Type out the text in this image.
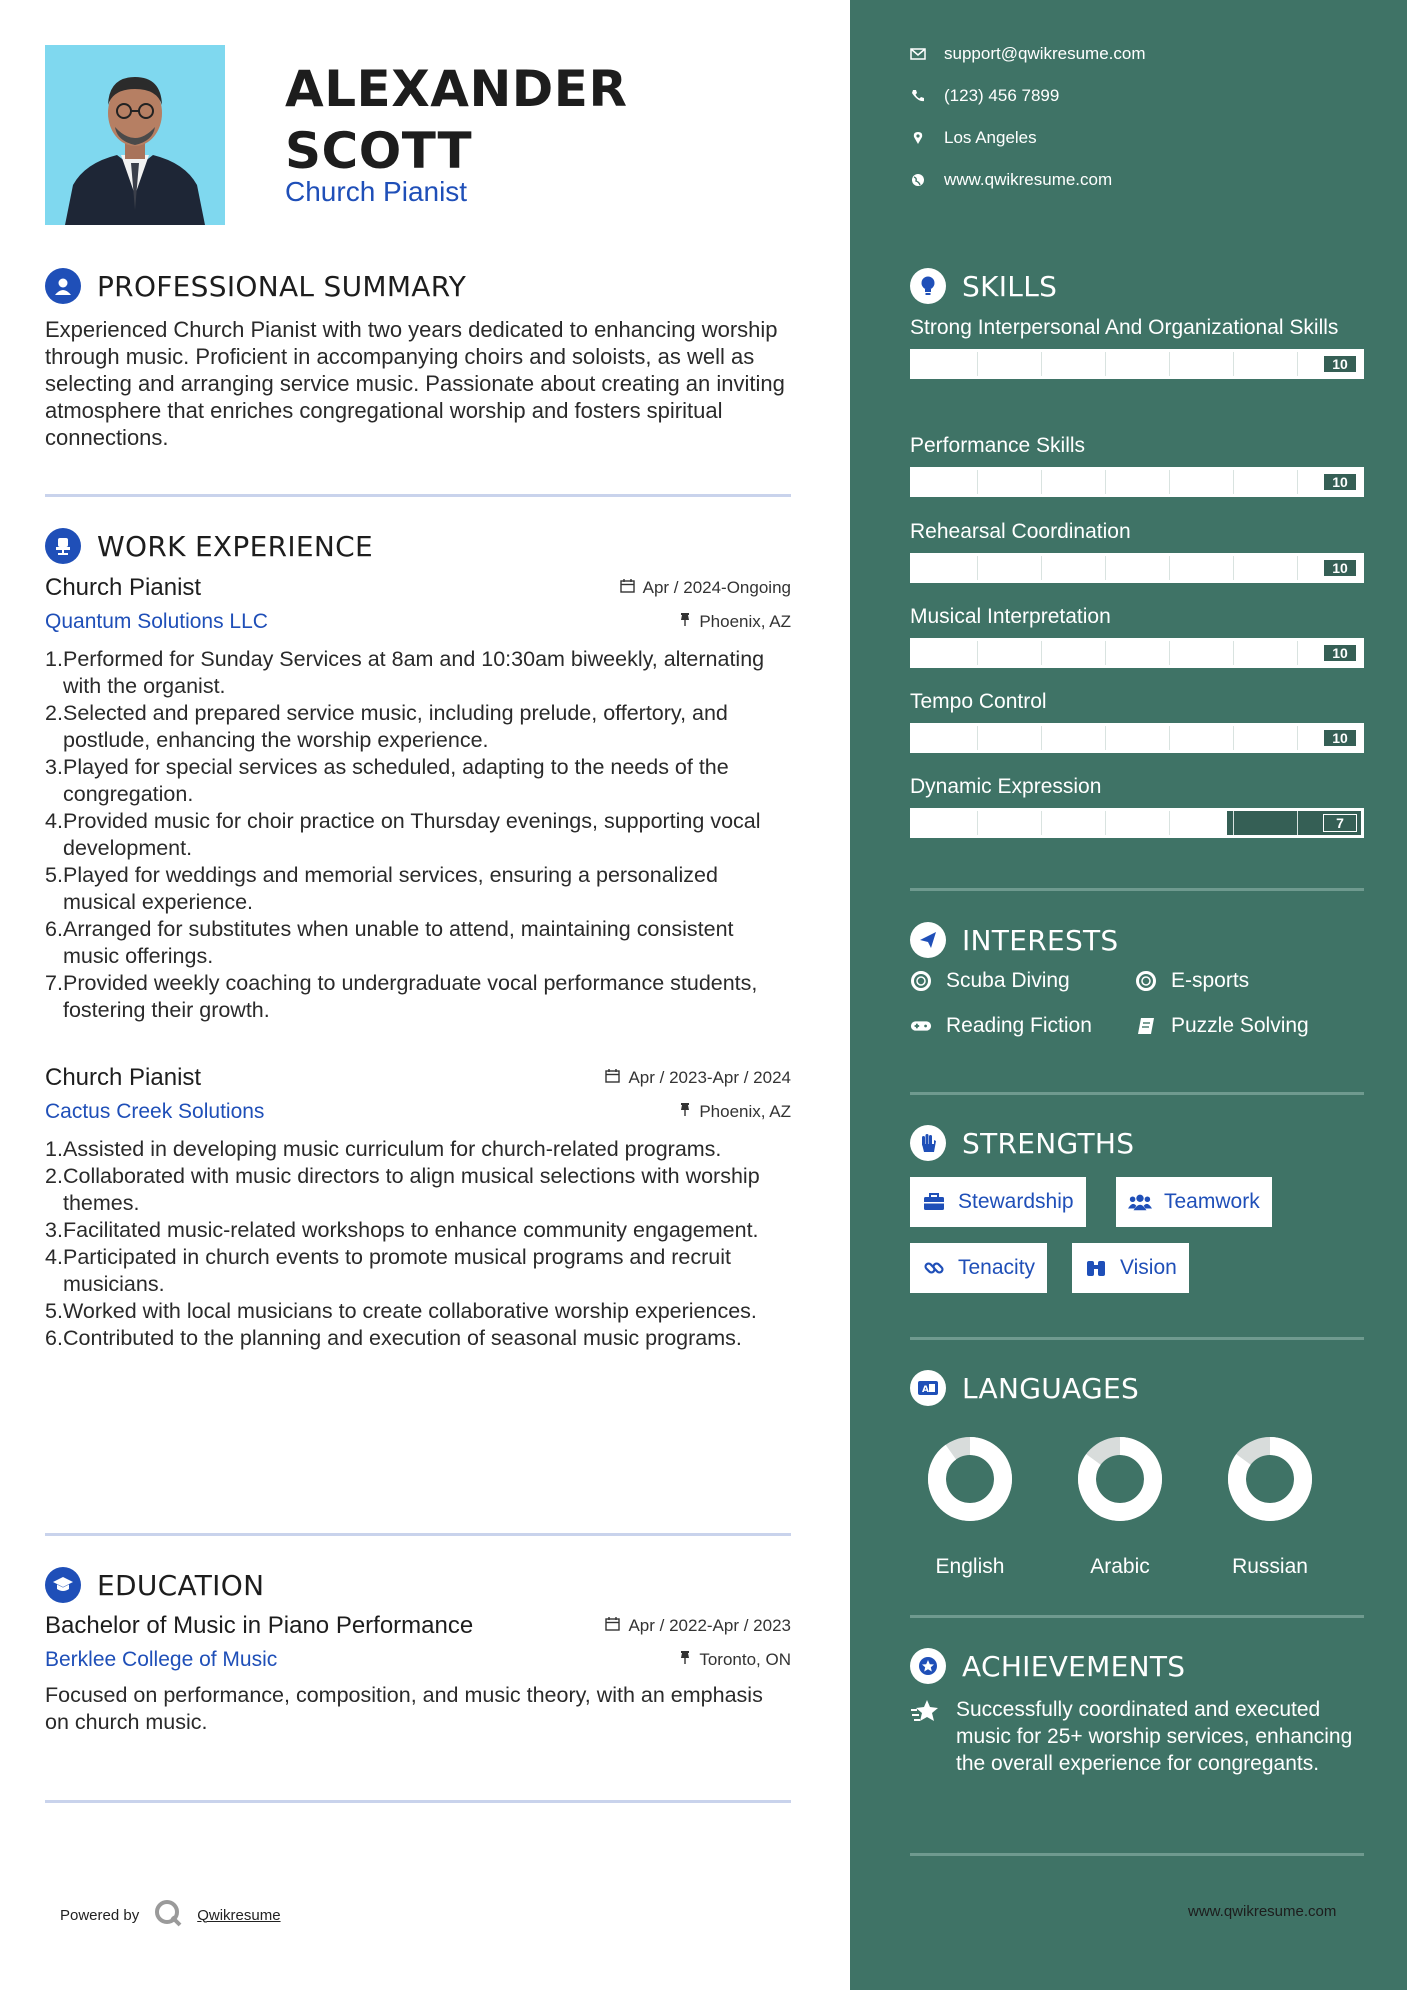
ALEXANDER
SCOTT
Church Pianist
PROFESSIONAL SUMMARY
Experienced Church Pianist with two years dedicated to enhancing worship through music. Proficient in accompanying choirs and soloists, as well as selecting and arranging service music. Passionate about creating an inviting atmosphere that enriches congregational worship and fosters spiritual connections.
WORK EXPERIENCE
Church Pianist	Apr / 2024-Ongoing
Quantum Solutions LLC	Phoenix, AZ
1. Performed for Sunday Services at 8am and 10:30am biweekly, alternating with the organist.
2. Selected and prepared service music, including prelude, offertory, and postlude, enhancing the worship experience.
3. Played for special services as scheduled, adapting to the needs of the congregation.
4. Provided music for choir practice on Thursday evenings, supporting vocal development.
5. Played for weddings and memorial services, ensuring a personalized musical experience.
6. Arranged for substitutes when unable to attend, maintaining consistent music offerings.
7. Provided weekly coaching to undergraduate vocal performance students, fostering their growth.
Church Pianist	Apr / 2023-Apr / 2024
Cactus Creek Solutions	Phoenix, AZ
1. Assisted in developing music curriculum for church-related programs.
2. Collaborated with music directors to align musical selections with worship themes.
3. Facilitated music-related workshops to enhance community engagement.
4. Participated in church events to promote musical programs and recruit musicians.
5. Worked with local musicians to create collaborative worship experiences.
6. Contributed to the planning and execution of seasonal music programs.
EDUCATION
Bachelor of Music in Piano Performance	Apr / 2022-Apr / 2023
Berklee College of Music	Toronto, ON
Focused on performance, composition, and music theory, with an emphasis on church music.
Powered by	Qwikresume
support@qwikresume.com
(123) 456 7899
Los Angeles
www.qwikresume.com
SKILLS
Strong Interpersonal And Organizational Skills
10
Performance Skills
10
Rehearsal Coordination
10
Musical Interpretation
10
Tempo Control
10
Dynamic Expression
7
INTERESTS
Scuba Diving	E-sports
Reading Fiction	Puzzle Solving
STRENGTHS
Stewardship	Teamwork
Tenacity	Vision
A LANGUAGES
English	Arabic	Russian
ACHIEVEMENTS
Successfully coordinated and executed music for 25+ worship services, enhancing the overall experience for congregants.
www.qwikresume.com
